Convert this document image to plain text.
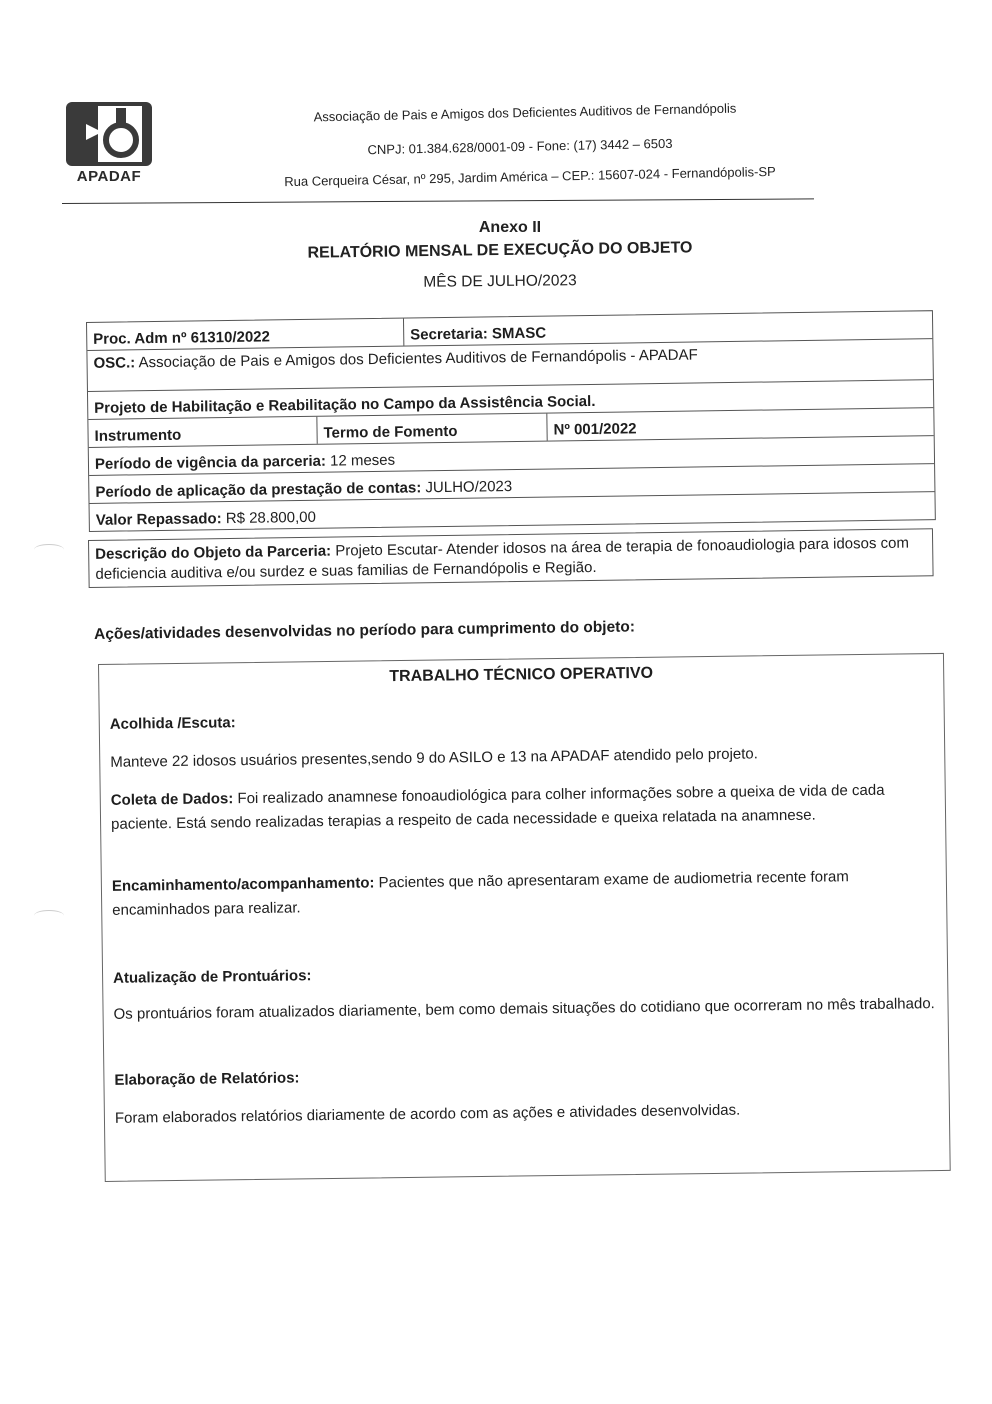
APADAF
Associação de Pais e Amigos dos Deficientes Auditivos de Fernandópolis
CNPJ: 01.384.628/0001-09 - Fone: (17) 3442 – 6503
Rua Cerqueira César, nº 295, Jardim América – CEP.: 15607-024 - Fernandópolis-SP
Anexo II
RELATÓRIO MENSAL DE EXECUÇÃO DO OBJETO
MÊS DE JULHO/2023
Proc. Adm nº 61310/2022	Secretaria: SMASC
OSC.: Associação de Pais e Amigos dos Deficientes Auditivos de Fernandópolis - APADAF
Projeto de Habilitação e Reabilitação no Campo da Assistência Social.
Instrumento	Termo de Fomento	Nº 001/2022
Período de vigência da parceria: 12 meses
Período de aplicação da prestação de contas: JULHO/2023
Valor Repassado: R$ 28.800,00
Descrição do Objeto da Parceria: Projeto Escutar- Atender idosos na área de terapia de fonoaudiologia para idosos com deficiencia auditiva e/ou surdez e suas familias de Fernandópolis e Região.
Ações/atividades desenvolvidas no período para cumprimento do objeto:
TRABALHO TÉCNICO OPERATIVO
Acolhida /Escuta:
Manteve 22 idosos usuários presentes,sendo 9 do ASILO e 13 na APADAF atendido pelo projeto.
Coleta de Dados: Foi realizado anamnese fonoaudiológica para colher informações sobre a queixa de vida de cada paciente. Está sendo realizadas terapias a respeito de cada necessidade e queixa relatada na anamnese.
Encaminhamento/acompanhamento: Pacientes que não apresentaram exame de audiometria recente foram encaminhados para realizar.
Atualização de Prontuários:
Os prontuários foram atualizados diariamente, bem como demais situações do cotidiano que ocorreram no mês trabalhado.
Elaboração de Relatórios:
Foram elaborados relatórios diariamente de acordo com as ações e atividades desenvolvidas.
